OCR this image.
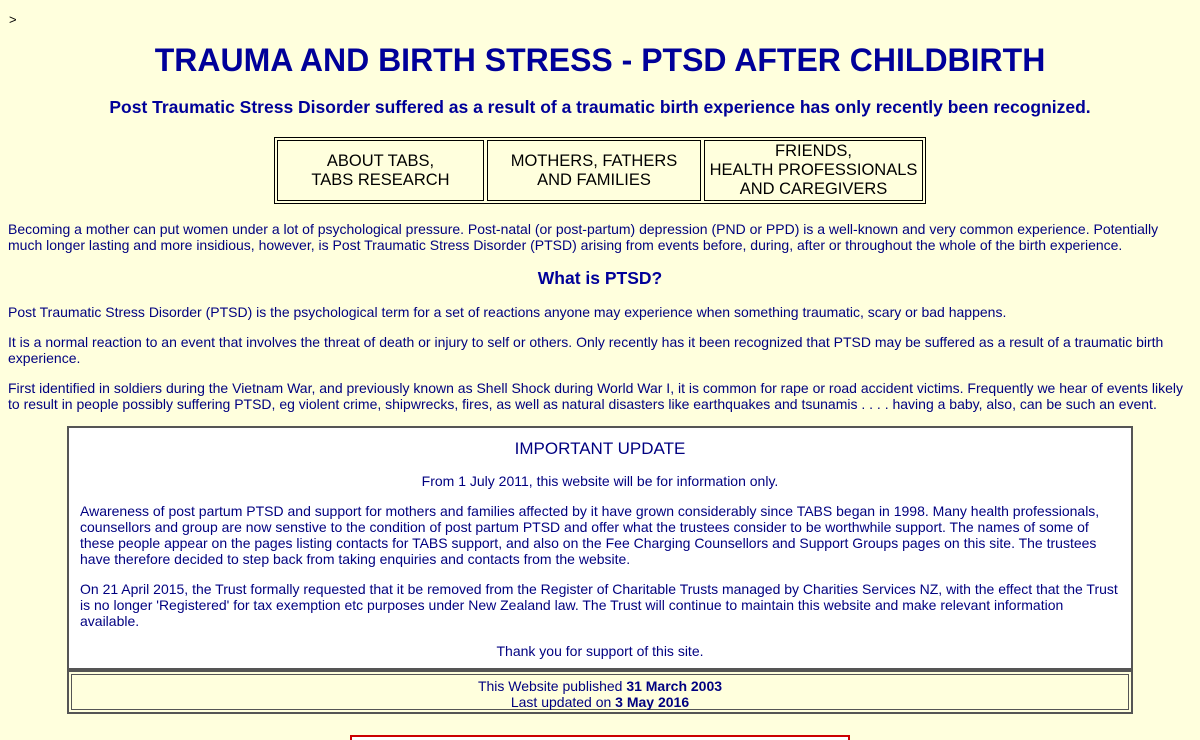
>
TRAUMA AND BIRTH STRESS - PTSD AFTER CHILDBIRTH

Post Traumatic Stress Disorder suffered as a result of a traumatic birth experience has only recently been recognized.

ABOUT TABS,
TABS RESEARCH
MOTHERS, FATHERS
AND FAMILIES
FRIENDS,
HEALTH PROFESSIONALS
AND CAREGIVERS

Becoming a mother can put women under a lot of psychological pressure. Post-natal (or post-partum) depression (PND or PPD) is a well-known and very common experience. Potentially much longer lasting and more insidious, however, is Post Traumatic Stress Disorder (PTSD) arising from events before, during, after or throughout the whole of the birth experience.

What is PTSD?

Post Traumatic Stress Disorder (PTSD) is the psychological term for a set of reactions anyone may experience when something traumatic, scary or bad happens.

It is a normal reaction to an event that involves the threat of death or injury to self or others. Only recently has it been recognized that PTSD may be suffered as a result of a traumatic birth experience.

First identified in soldiers during the Vietnam War, and previously known as Shell Shock during World War I, it is common for rape or road accident victims. Frequently we hear of events likely to result in people possibly suffering PTSD, eg violent crime, shipwrecks, fires, as well as natural disasters like earthquakes and tsunamis . . . . having a baby, also, can be such an event.

IMPORTANT UPDATE

From 1 July 2011, this website will be for information only.

Awareness of post partum PTSD and support for mothers and families affected by it have grown considerably since TABS began in 1998. Many health professionals, counsellors and group are now senstive to the condition of post partum PTSD and offer what the trustees consider to be worthwhile support. The names of some of these people appear on the pages listing contacts for TABS support, and also on the Fee Charging Counsellors and Support Groups pages on this site. The trustees have therefore decided to step back from taking enquiries and contacts from the website.

On 21 April 2015, the Trust formally requested that it be removed from the Register of Charitable Trusts managed by Charities Services NZ, with the effect that the Trust is no longer 'Registered' for tax exemption etc purposes under New Zealand law. The Trust will continue to maintain this website and make relevant information available.

Thank you for support of this site.

This Website published 31 March 2003
Last updated on 3 May 2016
